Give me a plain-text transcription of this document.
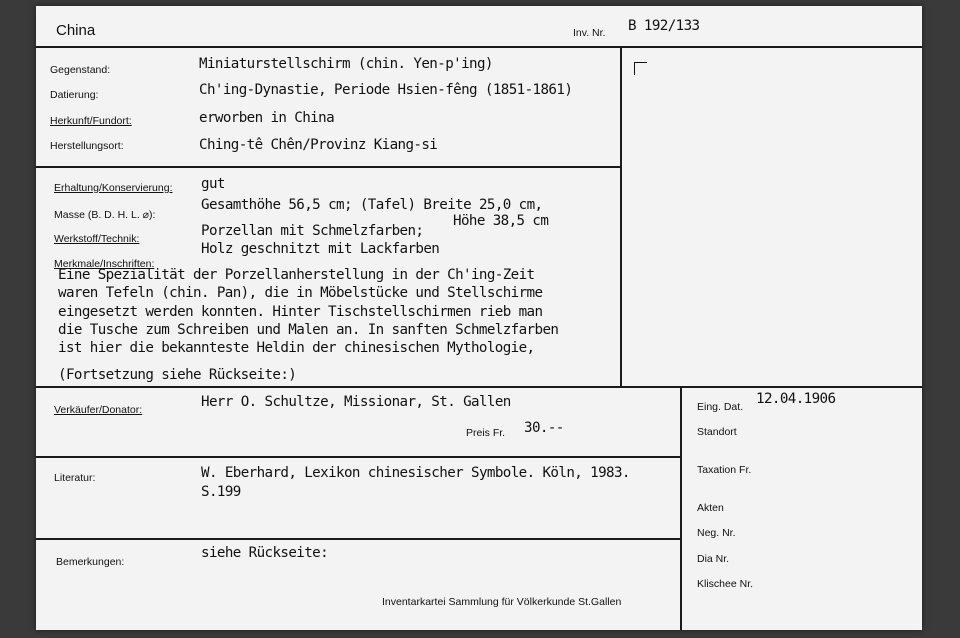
China	Inv. Nr. B 192/133
Gegenstand:	Miniaturstellschirm (chin. Yen-p'ing)
Datierung:	Ch'ing-Dynastie, Periode Hsien-fêng (1851-1861)
Herkunft/Fundort:	erworben in China
Herstellungsort:	Ching-tê Chên/Provinz Kiang-si
Erhaltung/Konservierung: gut
Masse (B. D. H. L. ⌀):
Gesamthöhe 56,5 cm; (Tafel) Breite 25,0 cm,
Höhe 38,5 cm
Werkstoff/Technik:	Porzellan mit Schmelzfarben;
Holz geschnitzt mit Lackfarben
Merkmale/Inschriften:
Eine Spezialität der Porzellanherstellung in der Ch'ing-Zeit
waren Tefeln (chin. Pan), die in Möbelstücke und Stellschirme
eingesetzt werden konnten. Hinter Tischstellschirmen rieb man
die Tusche zum Schreiben und Malen an. In sanften Schmelzfarben
ist hier die bekannteste Heldin der chinesischen Mythologie,
(Fortsetzung siehe Rückseite:)
Verkäufer/Donator:	Herr O. Schultze, Missionar, St. Gallen
Preis Fr. 30.--
Literatur:	W. Eberhard, Lexikon chinesischer Symbole. Köln, 1983.
S.199
Bemerkungen:
siehe Rückseite:
Inventarkartei Sammlung für Völkerkunde St.Gallen
Eing. Dat. 12.04.1906
Standort
Taxation Fr.
Akten
Neg. Nr.
Dia Nr.
Klischee Nr.
